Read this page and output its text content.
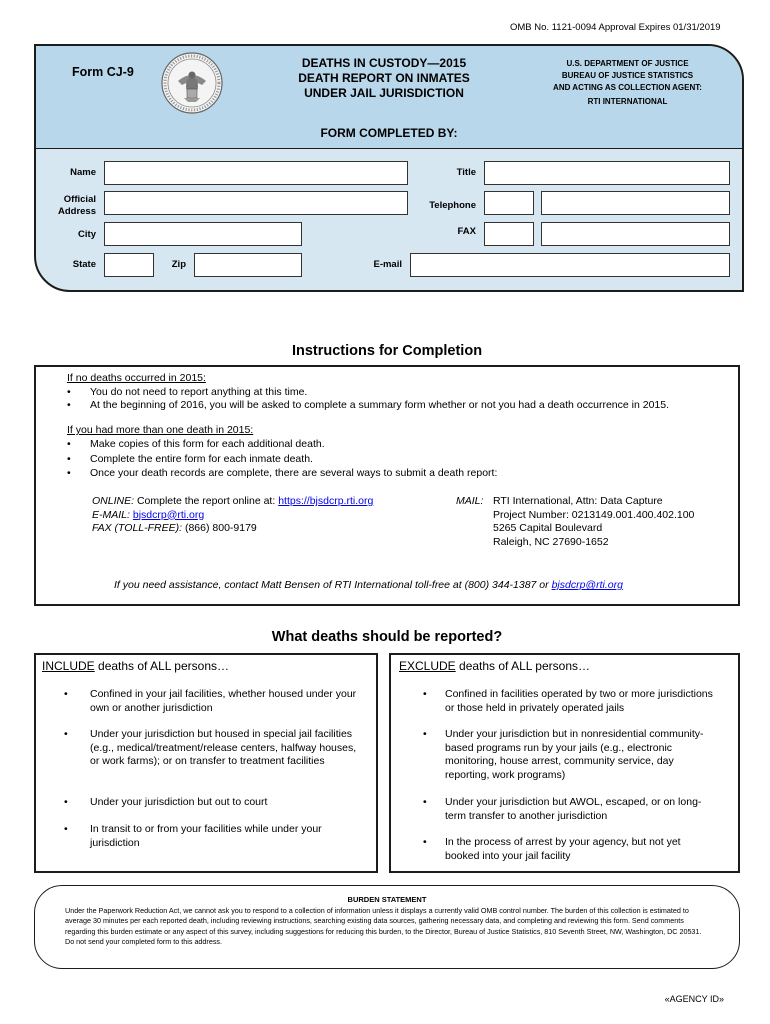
OMB No. 1121-0094 Approval Expires 01/31/2019
Form CJ-9
DEATHS IN CUSTODY—2015
DEATH REPORT ON INMATES
UNDER JAIL JURISDICTION
U.S. DEPARTMENT OF JUSTICE
BUREAU OF JUSTICE STATISTICS
AND ACTING AS COLLECTION AGENT:
RTI INTERNATIONAL
FORM COMPLETED BY:
Name
Official
Address
City
State	Zip
Title
Telephone
FAX
E-mail
Instructions for Completion
If no deaths occurred in 2015:
• You do not need to report anything at this time.
• At the beginning of 2016, you will be asked to complete a summary form whether or not you had a death occurrence in 2015.
If you had more than one death in 2015:
• Make copies of this form for each additional death.
• Complete the entire form for each inmate death.
• Once your death records are complete, there are several ways to submit a death report:
ONLINE: Complete the report online at: https://bjsdcrp.rti.org
E-MAIL: bjsdcrp@rti.org
FAX (TOLL-FREE): (866) 800-9179
MAIL: RTI International, Attn: Data Capture
Project Number: 0213149.001.400.402.100
5265 Capital Boulevard
Raleigh, NC 27690-1652
If you need assistance, contact Matt Bensen of RTI International toll-free at (800) 344-1387 or bjsdcrp@rti.org
What deaths should be reported?
INCLUDE deaths of ALL persons…
• Confined in your jail facilities, whether housed under your own or another jurisdiction
• Under your jurisdiction but housed in special jail facilities (e.g., medical/treatment/release centers, halfway houses, or work farms); or on transfer to treatment facilities
• Under your jurisdiction but out to court
• In transit to or from your facilities while under your jurisdiction
EXCLUDE deaths of ALL persons…
• Confined in facilities operated by two or more jurisdictions or those held in privately operated jails
• Under your jurisdiction but in nonresidential community-based programs run by your jails (e.g., electronic monitoring, house arrest, community service, day reporting, work programs)
• Under your jurisdiction but AWOL, escaped, or on long-term transfer to another jurisdiction
• In the process of arrest by your agency, but not yet booked into your jail facility
BURDEN STATEMENT
Under the Paperwork Reduction Act, we cannot ask you to respond to a collection of information unless it displays a currently valid OMB control number. The burden of this collection is estimated to average 30 minutes per each reported death, including reviewing instructions, searching existing data sources, gathering necessary data, and completing and reviewing this form. Send comments regarding this burden estimate or any aspect of this survey, including suggestions for reducing this burden, to the Director, Bureau of Justice Statistics, 810 Seventh Street, NW, Washington, DC 20531. Do not send your completed form to this address.
«AGENCY ID»
